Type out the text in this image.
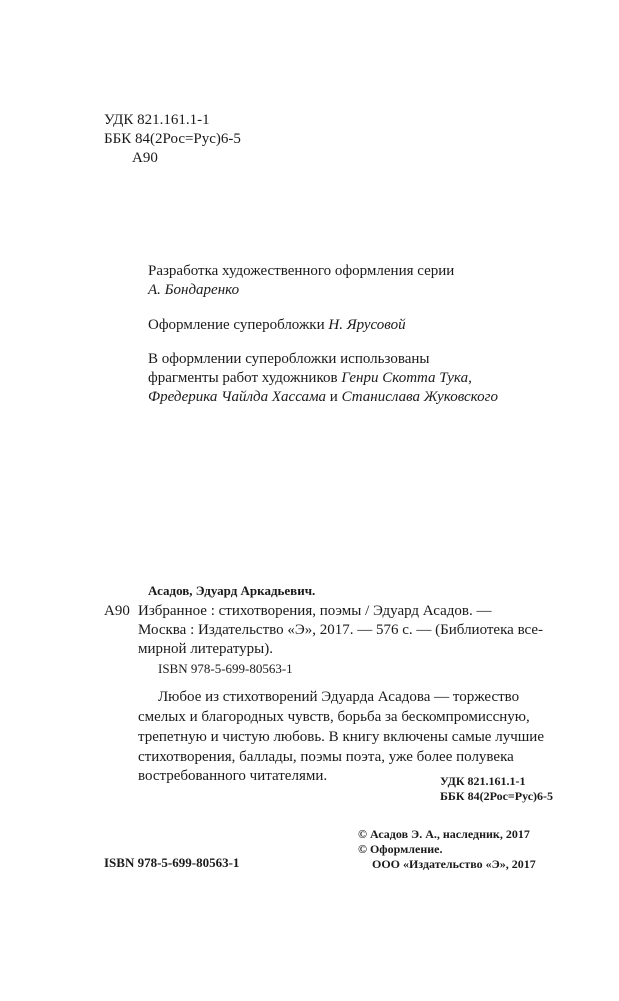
УДК 821.161.1-1
ББК 84(2Рос=Рус)6-5
А90
Разработка художественного оформления серии
А. Бондаренко
Оформление суперобложки Н. Ярусовой
В оформлении суперобложки использованы
фрагменты работ художников Генри Скотта Тука,
Фредерика Чайлда Хассама и Станислава Жуковского
Асадов, Эдуард Аркадьевич.
А90 Избранное : стихотворения, поэмы / Эдуард Асадов. —
Москва : Издательство «Э», 2017. — 576 с. — (Библиотека все-
мирной литературы).
ISBN 978-5-699-80563-1
Любое из стихотворений Эдуарда Асадова — торжество
смелых и благородных чувств, борьба за бескомпромиссную,
трепетную и чистую любовь. В книгу включены самые лучшие
стихотворения, баллады, поэмы поэта, уже более полувека
востребованного читателями.	УДК 821.161.1-1
ББК 84(2Рос=Рус)6-5
ISBN 978-5-699-80563-1
© Асадов Э. А., наследник, 2017
© Оформление.
ООО «Издательство «Э», 2017
